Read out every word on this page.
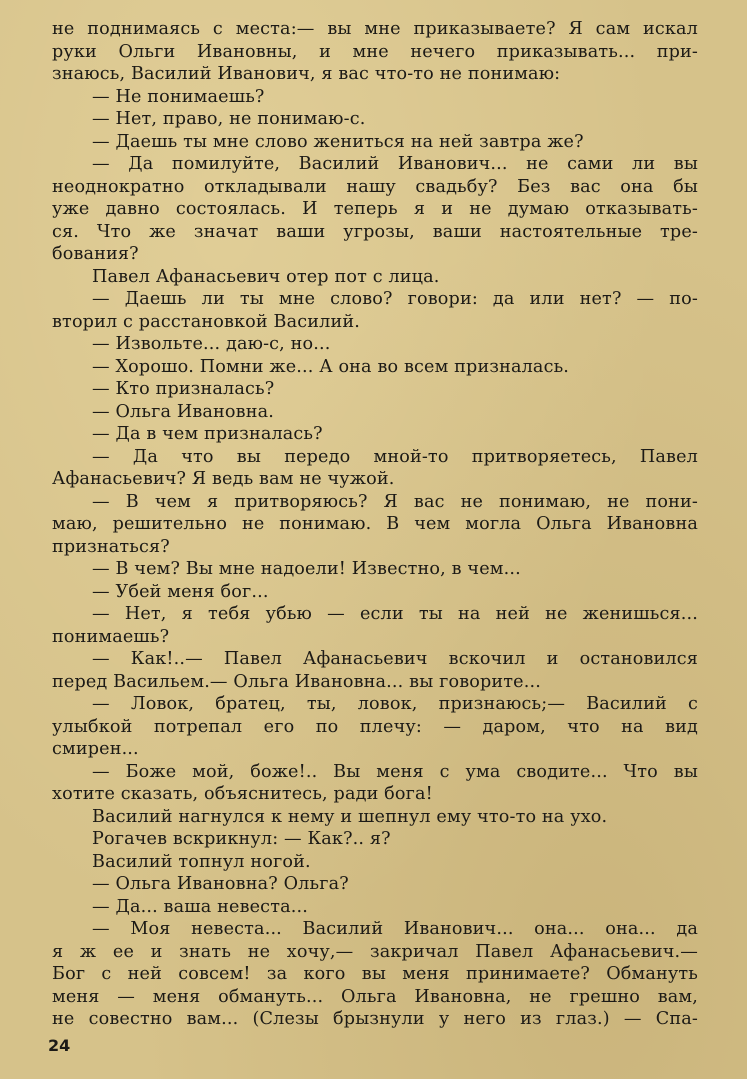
не поднимаясь с места:— вы мне приказываете? Я сам искал
руки Ольги Ивановны, и мне нечего приказывать... при-
знаюсь, Василий Иванович, я вас что-то не понимаю:
— Не понимаешь?
— Нет, право, не понимаю-с.
— Даешь ты мне слово жениться на ней завтра же?
— Да помилуйте, Василий Иванович... не сами ли вы
неоднократно откладывали нашу свадьбу? Без вас она бы
уже давно состоялась. И теперь я и не думаю отказывать-
ся. Что же значат ваши угрозы, ваши настоятельные тре-
бования?
Павел Афанасьевич отер пот с лица.
— Даешь ли ты мне слово? говори: да или нет? — по-
вторил с расстановкой Василий.
— Извольте... даю-с, но...
— Хорошо. Помни же... А она во всем призналась.
— Кто призналась?
— Ольга Ивановна.
— Да в чем призналась?
— Да что вы передо мной-то притворяетесь, Павел
Афанасьевич? Я ведь вам не чужой.
— В чем я притворяюсь? Я вас не понимаю, не пони-
маю, решительно не понимаю. В чем могла Ольга Ивановна
признаться?
— В чем? Вы мне надоели! Известно, в чем...
— Убей меня бог...
— Нет, я тебя убью — если ты на ней не женишься...
понимаешь?
— Как!..— Павел Афанасьевич вскочил и остановился
перед Васильем.— Ольга Ивановна... вы говорите...
— Ловок, братец, ты, ловок, признаюсь;— Василий с
улыбкой потрепал его по плечу: — даром, что на вид
смирен...
— Боже мой, боже!.. Вы меня с ума сводите... Что вы
хотите сказать, объяснитесь, ради бога!
Василий нагнулся к нему и шепнул ему что-то на ухо.
Рогачев вскрикнул: — Как?.. я?
Василий топнул ногой.
— Ольга Ивановна? Ольга?
— Да... ваша невеста...
— Моя невеста... Василий Иванович... она... она... да
я ж ее и знать не хочу,— закричал Павел Афанасьевич.—
Бог с ней совсем! за кого вы меня принимаете? Обмануть
меня — меня обмануть... Ольга Ивановна, не грешно вам,
не совестно вам... (Слезы брызнули у него из глаз.) — Спа-
24
